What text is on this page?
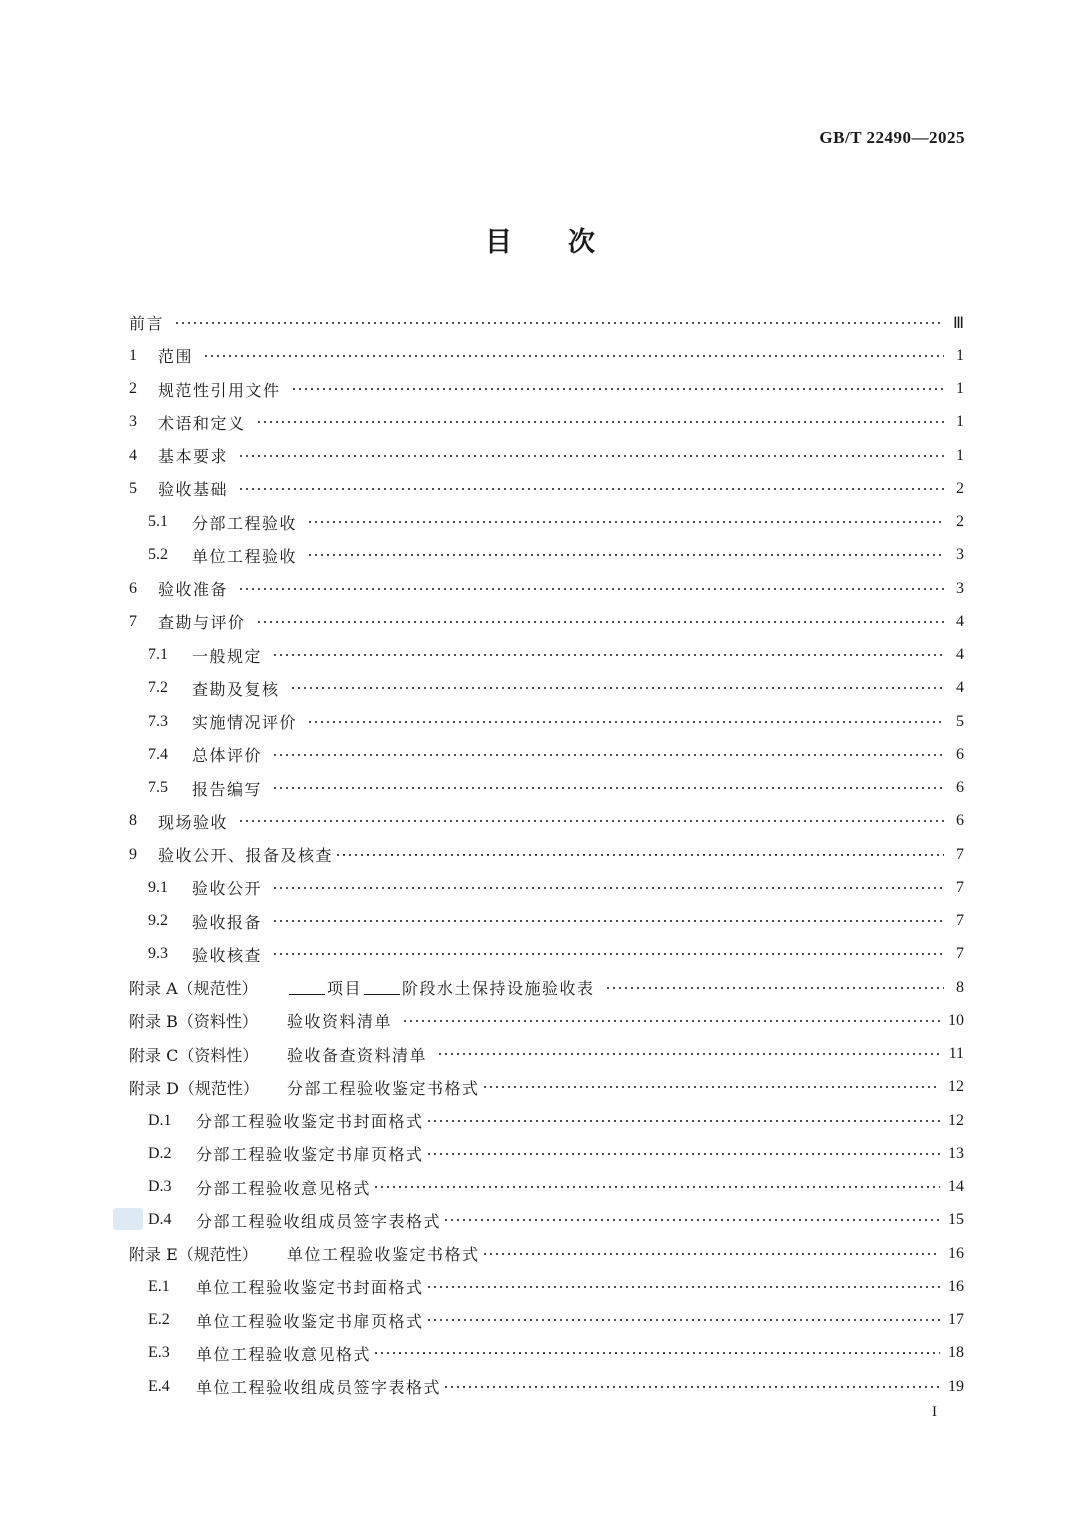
GB/T 22490—2025
目 次
前言	Ⅲ
1	范围	1
2	规范性引用文件	1
3	术语和定义	1
4	基本要求	1
5	验收基础	2
5.1	分部工程验收	2
5.2	单位工程验收	3
6	验收准备	3
7	查勘与评价	4
7.1	一般规定	4
7.2	查勘及复核	4
7.3	实施情况评价	5
7.4	总体评价	6
7.5	报告编写	6
8	现场验收	6
9	验收公开、报备及核查	7
9.1	验收公开	7
9.2	验收报备	7
9.3	验收核查	7
附录 A（规范性）	项目	阶段水土保持设施验收表	8
附录 B（资料性）	验收资料清单	10
附录 C（资料性）	验收备查资料清单	11
附录 D（规范性）	分部工程验收鉴定书格式	12
D.1	分部工程验收鉴定书封面格式	12
D.2	分部工程验收鉴定书扉页格式	13
D.3	分部工程验收意见格式	14
D.4	分部工程验收组成员签字表格式	15
附录 E（规范性）	单位工程验收鉴定书格式	16
E.1	单位工程验收鉴定书封面格式	16
E.2	单位工程验收鉴定书扉页格式	17
E.3	单位工程验收意见格式	18
E.4	单位工程验收组成员签字表格式	19
I
